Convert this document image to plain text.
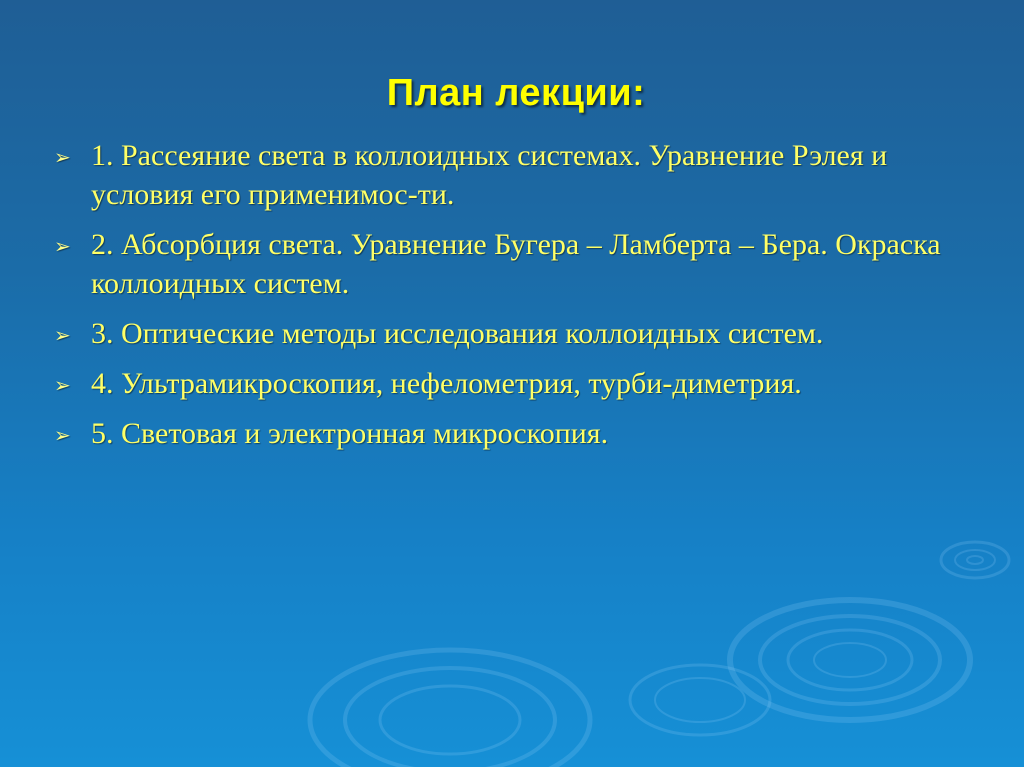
План лекции:
➢ 1. Рассеяние света в коллоидных системах. Уравнение Рэлея и условия его применимос-ти.
➢ 2. Абсорбция света. Уравнение Бугера – Ламберта – Бера. Окраска коллоидных систем.
➢ 3. Оптические методы исследования коллоидных систем.
➢ 4. Ультрамикроскопия, нефелометрия, турби-диметрия.
➢ 5. Световая и электронная микроскопия.
